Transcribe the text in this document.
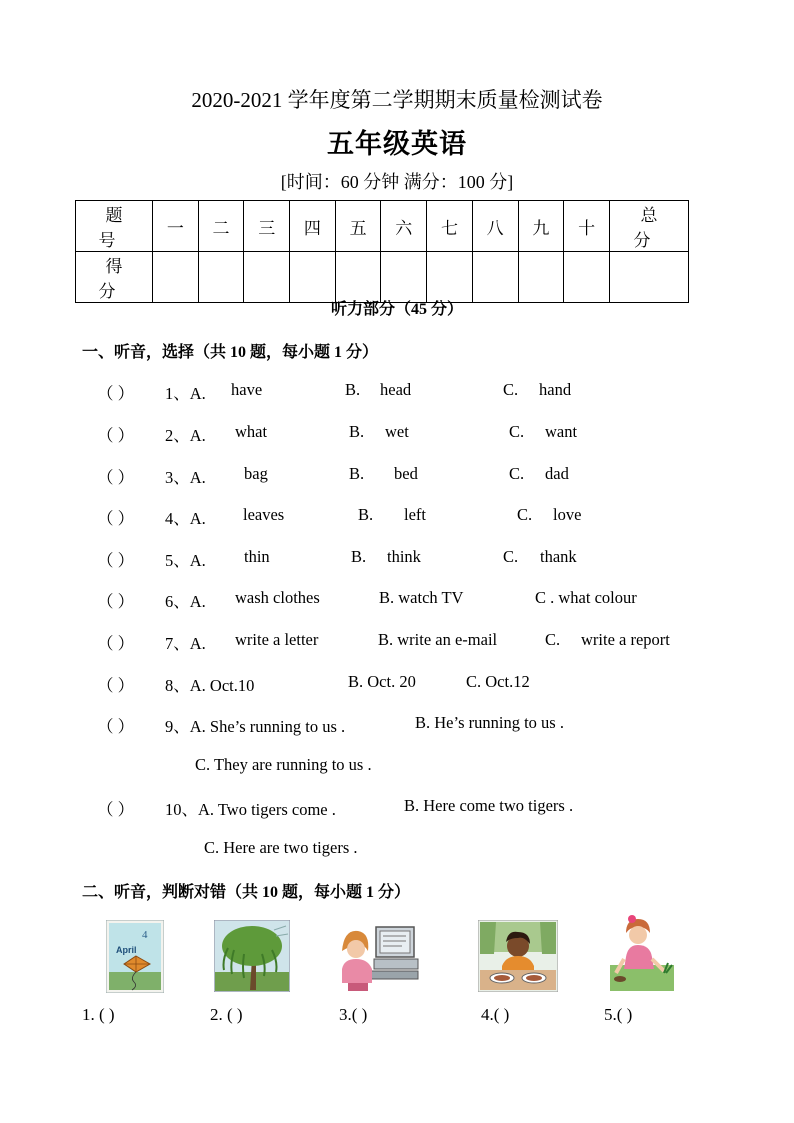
2020-2021 学年度第二学期期末质量检测试卷
五年级英语
[时间：60 分钟 满分：100 分]
题 号	一	二	三	四	五	六	七	八	九	十	总 分
得 分											
听力部分（45 分）
一、听音，选择（共 10 题，每小题 1 分）
（ ） 1、A. have	B. head	C. hand
（ ） 2、A. what	B. wet	C. want
（ ） 3、A. bag	B. bed	C. dad
（ ） 4、A. leaves	B. left	C. love
（ ） 5、A. thin	B. think	C. thank
（ ） 6、A. wash clothes	B. watch TV	C . what colour
（ ） 7、A. write a letter	B. write an e-mail	C. write a report
（ ） 8、A. Oct.10	B. Oct. 20	C. Oct.12
（ ） 9、A. She’s running to us .	B. He’s running to us .
C. They are running to us .
（ ） 10、A. Two tigers come .	B. Here come two tigers .
C. Here are two tigers .
二、听音，判断对错（共 10 题，每小题 1 分）
4
April
1. ( )	2. ( )	3.( )	4.( )	5.( )
